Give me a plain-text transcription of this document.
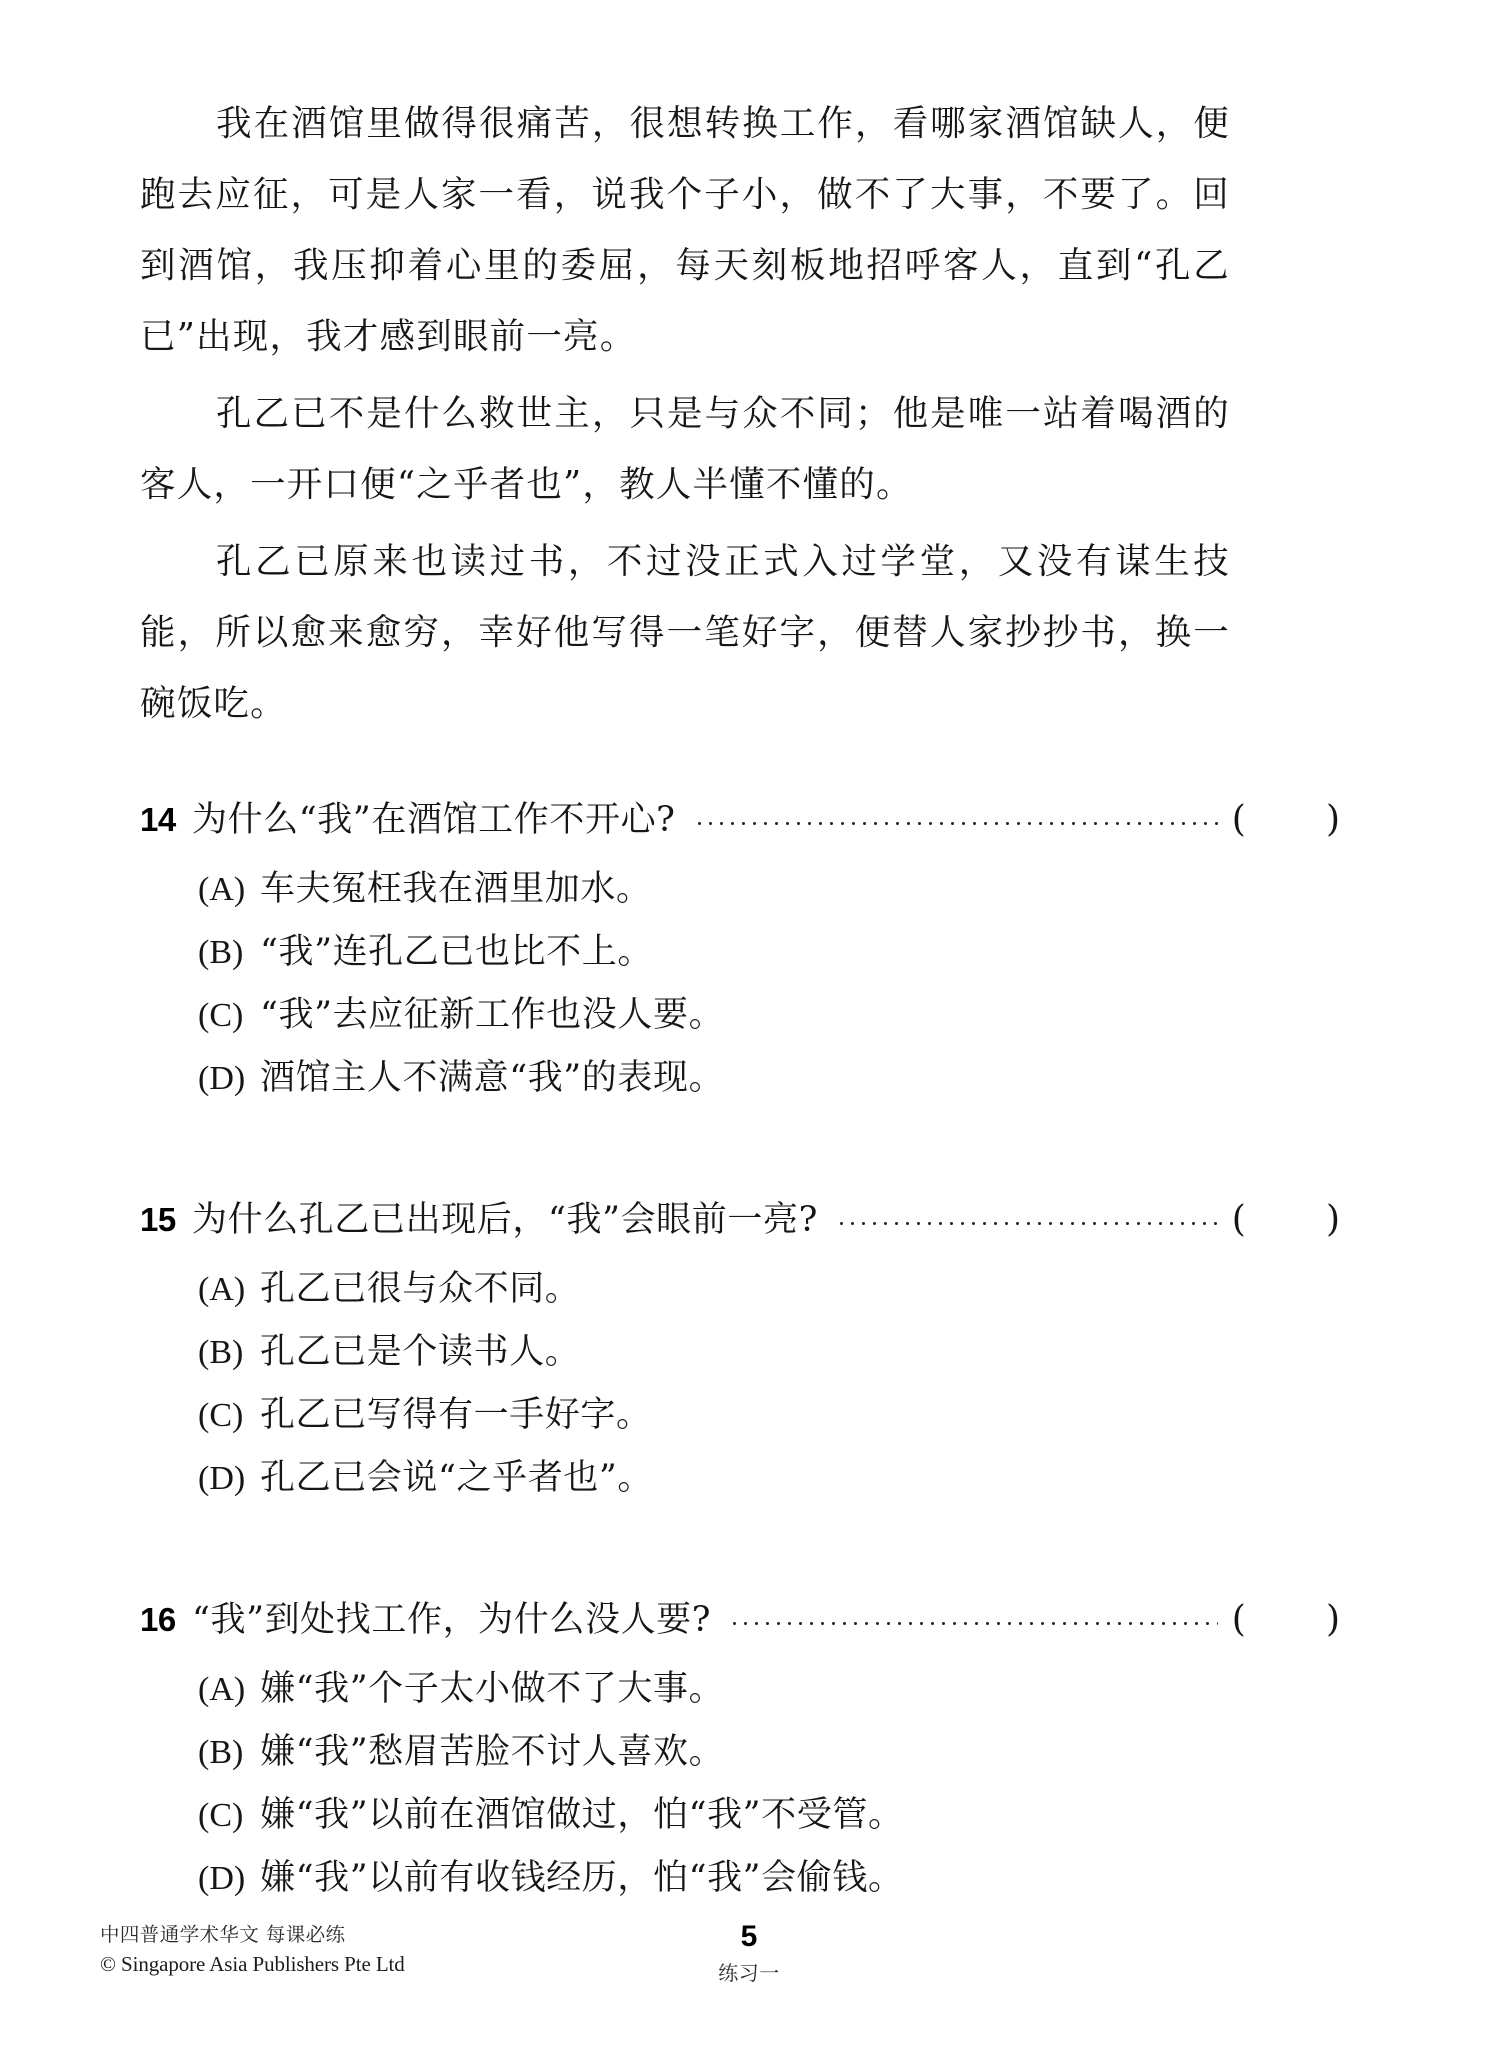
我在酒馆里做得很痛苦，很想转换工作，看哪家酒馆缺人，便跑去应征，可是人家一看，说我个子小，做不了大事，不要了。回到酒馆，我压抑着心里的委屈，每天刻板地招呼客人，直到“孔乙已”出现，我才感到眼前一亮。

孔乙已不是什么救世主，只是与众不同；他是唯一站着喝酒的客人，一开口便“之乎者也”，教人半懂不懂的。

孔乙已原来也读过书，不过没正式入过学堂，又没有谋生技能，所以愈来愈穷，幸好他写得一笔好字，便替人家抄抄书，换一碗饭吃。

14 为什么“我”在酒馆工作不开心?	(       )
(A) 车夫冤枉我在酒里加水。
(B) “我”连孔乙已也比不上。
(C) “我”去应征新工作也没人要。
(D) 酒馆主人不满意“我”的表现。
15 为什么孔乙已出现后，“我”会眼前一亮?	(       )
(A) 孔乙已很与众不同。
(B) 孔乙已是个读书人。
(C) 孔乙已写得有一手好字。
(D) 孔乙已会说“之乎者也”。
16 “我”到处找工作，为什么没人要?	(       )
(A) 嫌“我”个子太小做不了大事。
(B) 嫌“我”愁眉苦脸不讨人喜欢。
(C) 嫌“我”以前在酒馆做过，怕“我”不受管。
(D) 嫌“我”以前有收钱经历，怕“我”会偷钱。
中四普通学术华文 每课必练
© Singapore Asia Publishers Pte Ltd
5
练习一
